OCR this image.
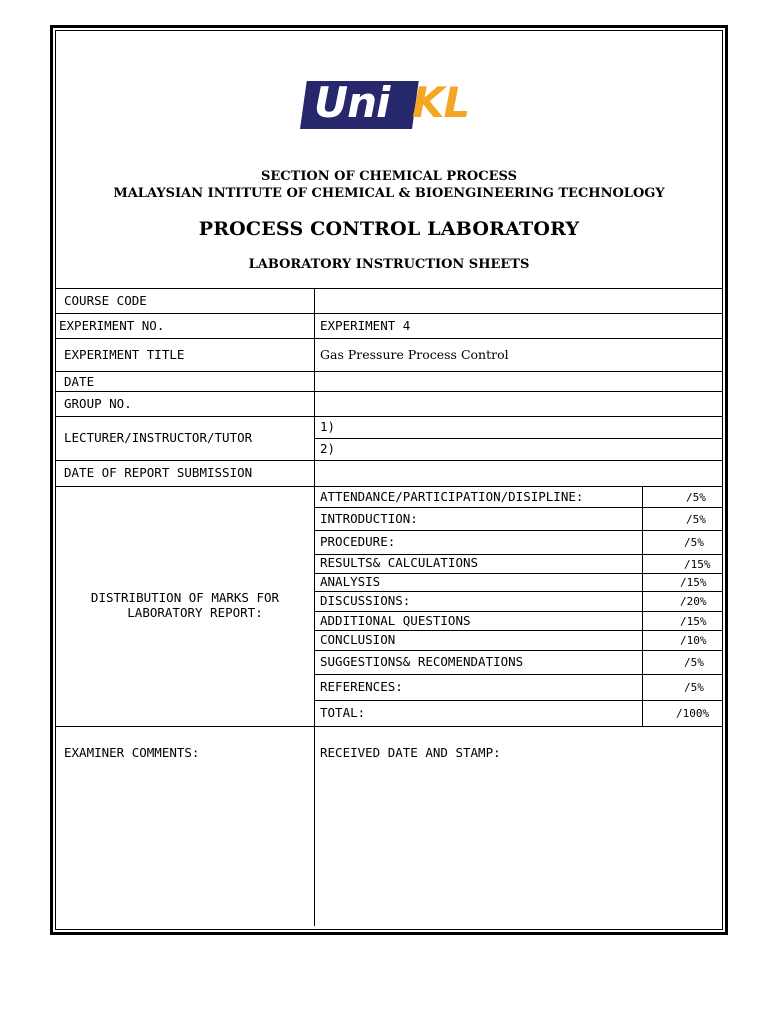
Uni KL
SECTION OF CHEMICAL PROCESS
MALAYSIAN INTITUTE OF CHEMICAL & BIOENGINEERING TECHNOLOGY
PROCESS CONTROL LABORATORY
LABORATORY INSTRUCTION SHEETS
COURSE CODE
EXPERIMENT NO.	EXPERIMENT 4
EXPERIMENT TITLE	Gas Pressure Process Control
DATE
GROUP NO.
LECTURER/INSTRUCTOR/TUTOR
1)
2)
DATE OF REPORT SUBMISSION
DISTRIBUTION OF MARKS FOR
LABORATORY REPORT:
ATTENDANCE/PARTICIPATION/DISIPLINE:	/5%
INTRODUCTION:	/5%
PROCEDURE:	/5%
RESULTS& CALCULATIONS	/15%
ANALYSIS	/15%
DISCUSSIONS:	/20%
ADDITIONAL QUESTIONS	/15%
CONCLUSION	/10%
SUGGESTIONS& RECOMENDATIONS	/5%
REFERENCES:	/5%
TOTAL:	/100%
EXAMINER COMMENTS:	RECEIVED DATE AND STAMP:
